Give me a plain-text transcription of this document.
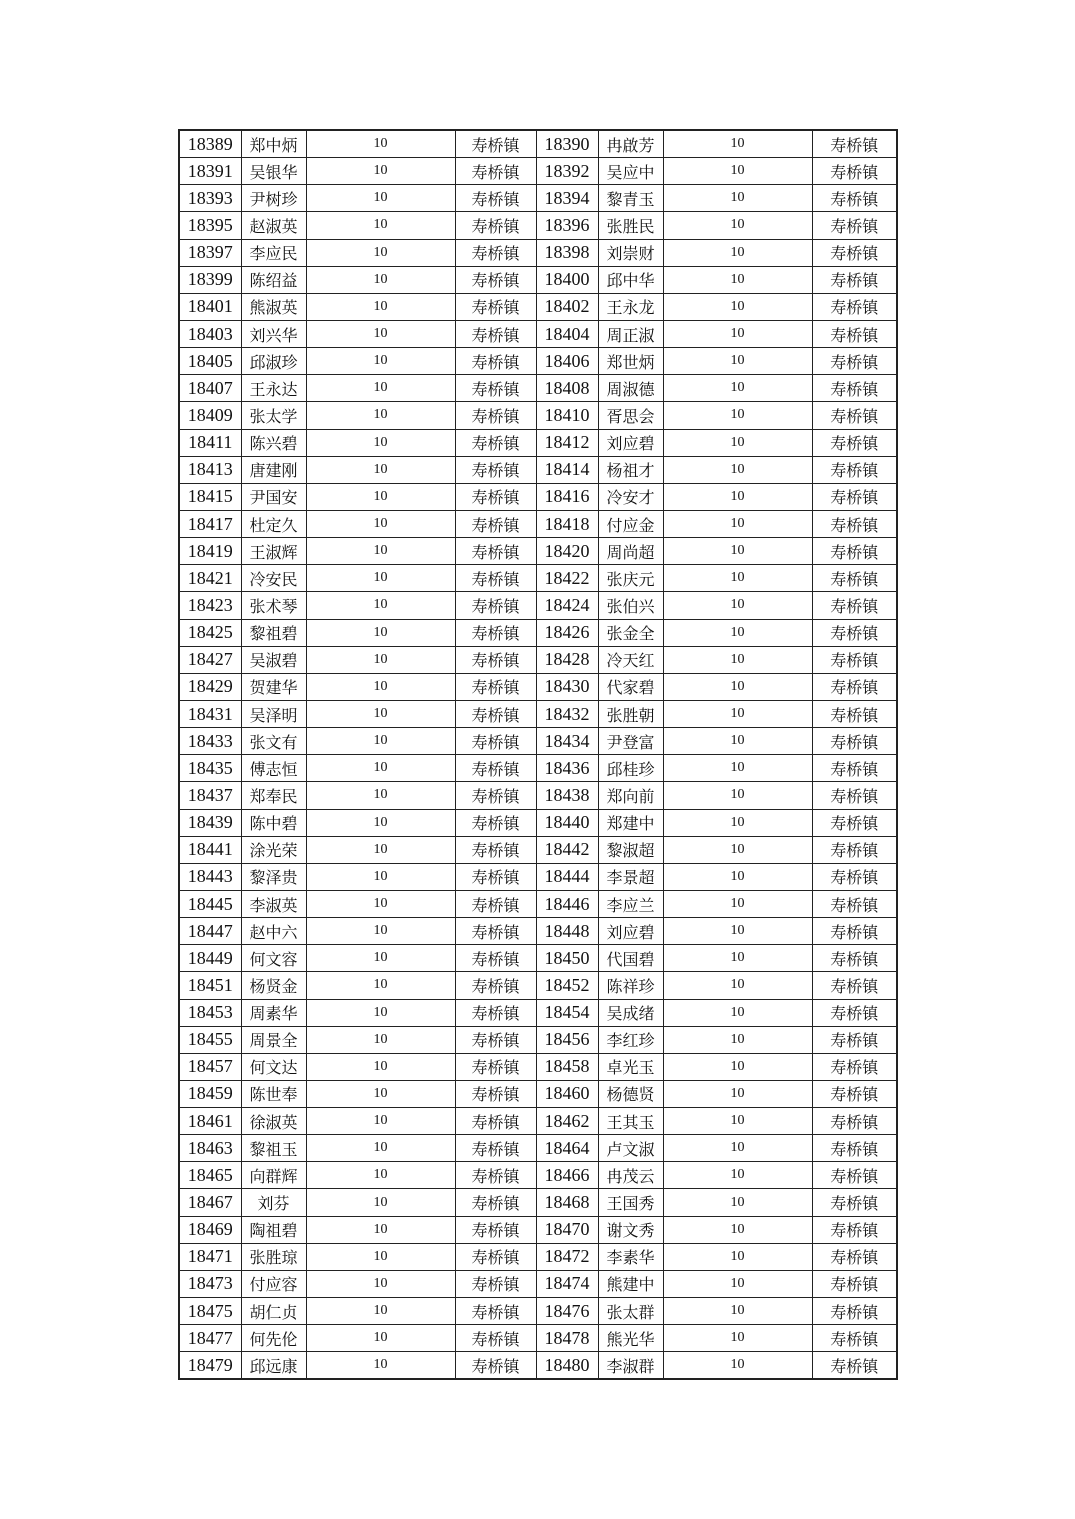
18389	郑中炳	10	寿桥镇	18390	冉啟芳	10	寿桥镇
18391	吴银华	10	寿桥镇	18392	吴应中	10	寿桥镇
18393	尹树珍	10	寿桥镇	18394	黎青玉	10	寿桥镇
18395	赵淑英	10	寿桥镇	18396	张胜民	10	寿桥镇
18397	李应民	10	寿桥镇	18398	刘崇财	10	寿桥镇
18399	陈绍益	10	寿桥镇	18400	邱中华	10	寿桥镇
18401	熊淑英	10	寿桥镇	18402	王永龙	10	寿桥镇
18403	刘兴华	10	寿桥镇	18404	周正淑	10	寿桥镇
18405	邱淑珍	10	寿桥镇	18406	郑世炳	10	寿桥镇
18407	王永达	10	寿桥镇	18408	周淑德	10	寿桥镇
18409	张太学	10	寿桥镇	18410	胥思会	10	寿桥镇
18411	陈兴碧	10	寿桥镇	18412	刘应碧	10	寿桥镇
18413	唐建刚	10	寿桥镇	18414	杨祖才	10	寿桥镇
18415	尹国安	10	寿桥镇	18416	冷安才	10	寿桥镇
18417	杜定久	10	寿桥镇	18418	付应金	10	寿桥镇
18419	王淑辉	10	寿桥镇	18420	周尚超	10	寿桥镇
18421	冷安民	10	寿桥镇	18422	张庆元	10	寿桥镇
18423	张术琴	10	寿桥镇	18424	张伯兴	10	寿桥镇
18425	黎祖碧	10	寿桥镇	18426	张金全	10	寿桥镇
18427	吴淑碧	10	寿桥镇	18428	冷天红	10	寿桥镇
18429	贺建华	10	寿桥镇	18430	代家碧	10	寿桥镇
18431	吴泽明	10	寿桥镇	18432	张胜朝	10	寿桥镇
18433	张文有	10	寿桥镇	18434	尹登富	10	寿桥镇
18435	傅志恒	10	寿桥镇	18436	邱桂珍	10	寿桥镇
18437	郑奉民	10	寿桥镇	18438	郑向前	10	寿桥镇
18439	陈中碧	10	寿桥镇	18440	郑建中	10	寿桥镇
18441	涂光荣	10	寿桥镇	18442	黎淑超	10	寿桥镇
18443	黎泽贵	10	寿桥镇	18444	李景超	10	寿桥镇
18445	李淑英	10	寿桥镇	18446	李应兰	10	寿桥镇
18447	赵中六	10	寿桥镇	18448	刘应碧	10	寿桥镇
18449	何文容	10	寿桥镇	18450	代国碧	10	寿桥镇
18451	杨贤金	10	寿桥镇	18452	陈祥珍	10	寿桥镇
18453	周素华	10	寿桥镇	18454	吴成绪	10	寿桥镇
18455	周景全	10	寿桥镇	18456	李红珍	10	寿桥镇
18457	何文达	10	寿桥镇	18458	卓光玉	10	寿桥镇
18459	陈世奉	10	寿桥镇	18460	杨德贤	10	寿桥镇
18461	徐淑英	10	寿桥镇	18462	王其玉	10	寿桥镇
18463	黎祖玉	10	寿桥镇	18464	卢文淑	10	寿桥镇
18465	向群辉	10	寿桥镇	18466	冉茂云	10	寿桥镇
18467	刘芬	10	寿桥镇	18468	王国秀	10	寿桥镇
18469	陶祖碧	10	寿桥镇	18470	谢文秀	10	寿桥镇
18471	张胜琼	10	寿桥镇	18472	李素华	10	寿桥镇
18473	付应容	10	寿桥镇	18474	熊建中	10	寿桥镇
18475	胡仁贞	10	寿桥镇	18476	张太群	10	寿桥镇
18477	何先伦	10	寿桥镇	18478	熊光华	10	寿桥镇
18479	邱远康	10	寿桥镇	18480	李淑群	10	寿桥镇
